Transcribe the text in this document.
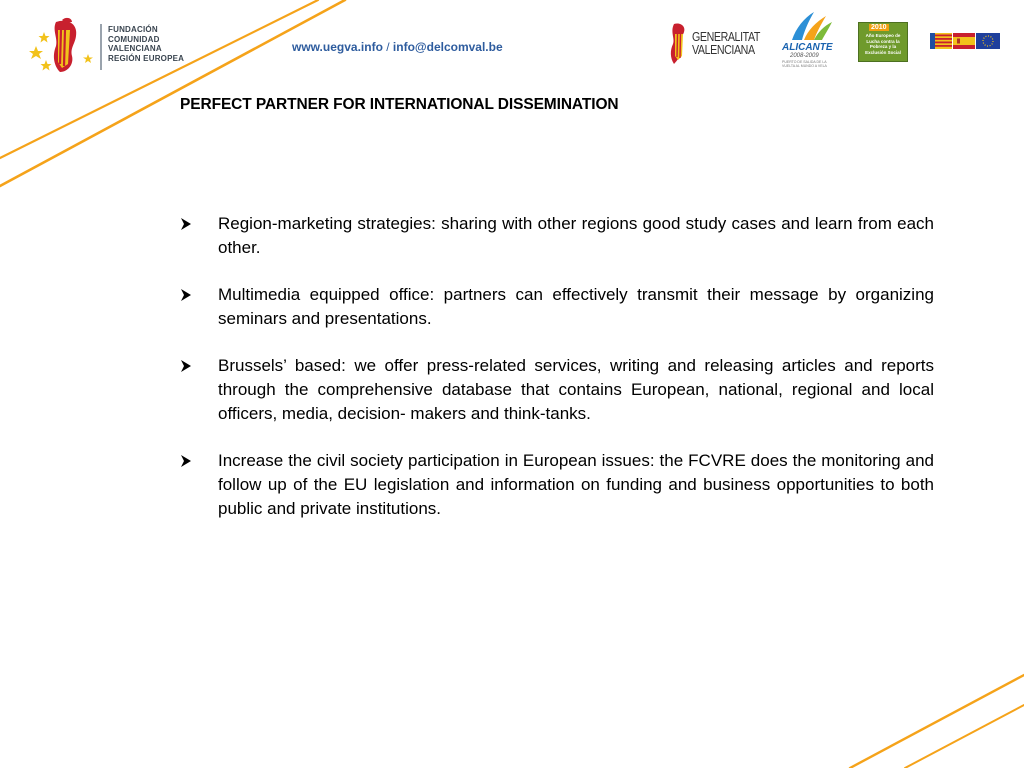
FUNDACIÓN
COMUNIDAD
VALENCIANA
REGIÓN EUROPEA
www.uegva.info / info@delcomval.be
GENERALITAT
VALENCIANA	ALICANTE
2008-2009
PUERTO DE SALIDA DE LA VUELTA AL MUNDO A VELA
2010
Año Europeo de Lucha contra la Pobreza y la Exclusión Social
PERFECT PARTNER FOR INTERNATIONAL DISSEMINATION
Region-marketing strategies: sharing with other regions good study cases and learn from each other.
Multimedia equipped office: partners can effectively transmit their message by organizing seminars and presentations.
Brussels’ based: we offer press-related services, writing and releasing articles and reports through the comprehensive database that contains European, national, regional and local officers, media, decision- makers and think-tanks.
Increase the civil society participation in European issues: the FCVRE does the monitoring and follow up of the EU legislation and information on funding and business opportunities to both public and private institutions.
